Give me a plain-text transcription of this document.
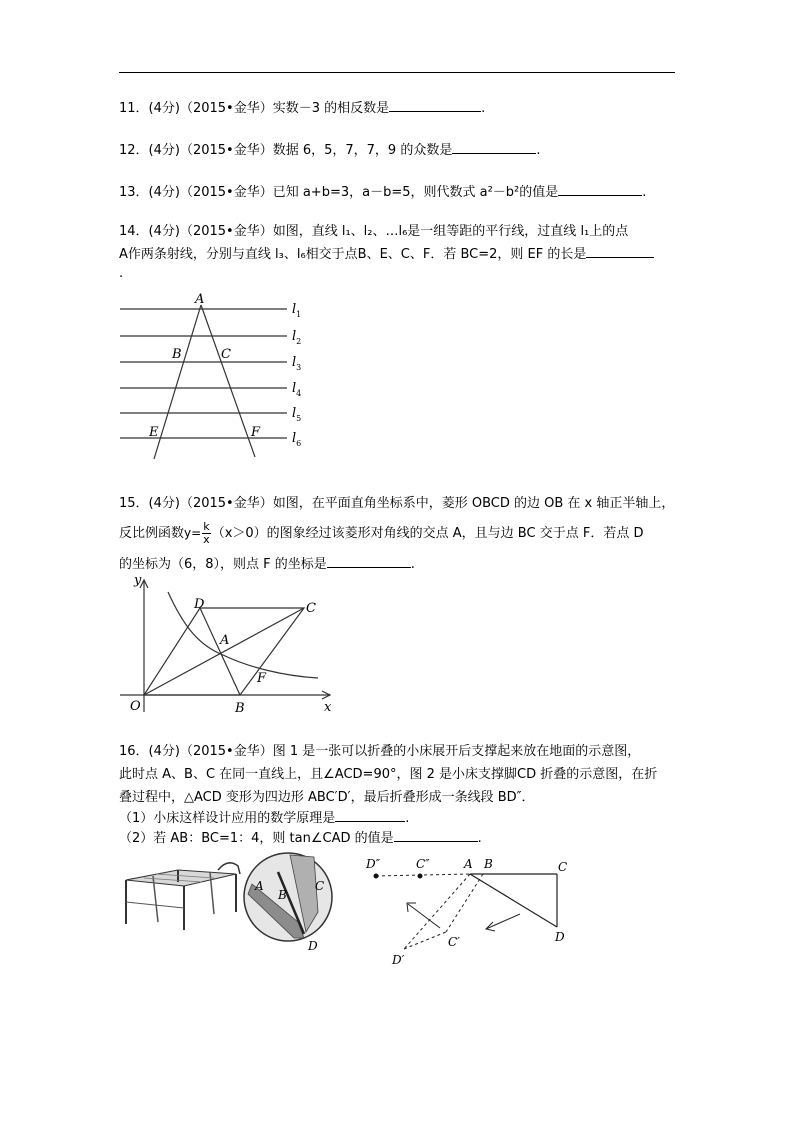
11．(4分)（2015•金华）实数－3 的相反数是	.
12．(4分)（2015•金华）数据 6，5，7，7，9 的众数是	.
13．(4分)（2015•金华）已知 a+b=3，a－b=5，则代数式 a²－b²的值是	.
14．(4分)（2015•金华）如图，直线 l₁、l₂、…l₆是一组等距的平行线，过直线 l₁上的点
A作两条射线，分别与直线 l₃、l₆相交于点B、E、C、F．若 BC=2，则 EF 的长是
.
A
B	C
E	F
$l_1$
$l_2$
$l_3$
$l_4$
$l_5$
$l_6$
15．(4分)（2015•金华）如图，在平面直角坐标系中，菱形 OBCD 的边 OB 在 x 轴正半轴上，
反比例函数$y= \frac{k}{x} (x>0)$的图象经过该菱形对角线的交点 A，且与边 BC 交于点 F．若点 D
的坐标为（6，8），则点 F 的坐标是	.
y
x
O	B
C
D
A
F
16．(4分)（2015•金华）图 1 是一张可以折叠的小床展开后支撑起来放在地面的示意图，
此时点 A、B、C 在同一直线上，且∠ACD=90°，图 2 是小床支撑脚CD 折叠的示意图，在折
叠过程中，△ACD 变形为四边形 ABC′D′，最后折叠形成一条线段 BD″．
（1）小床这样设计应用的数学原理是	.
（2）若 AB：BC=1：4，则 tan∠CAD 的值是	.
A
B
C
D
D″	C″	A B	C
D
C′
D′
